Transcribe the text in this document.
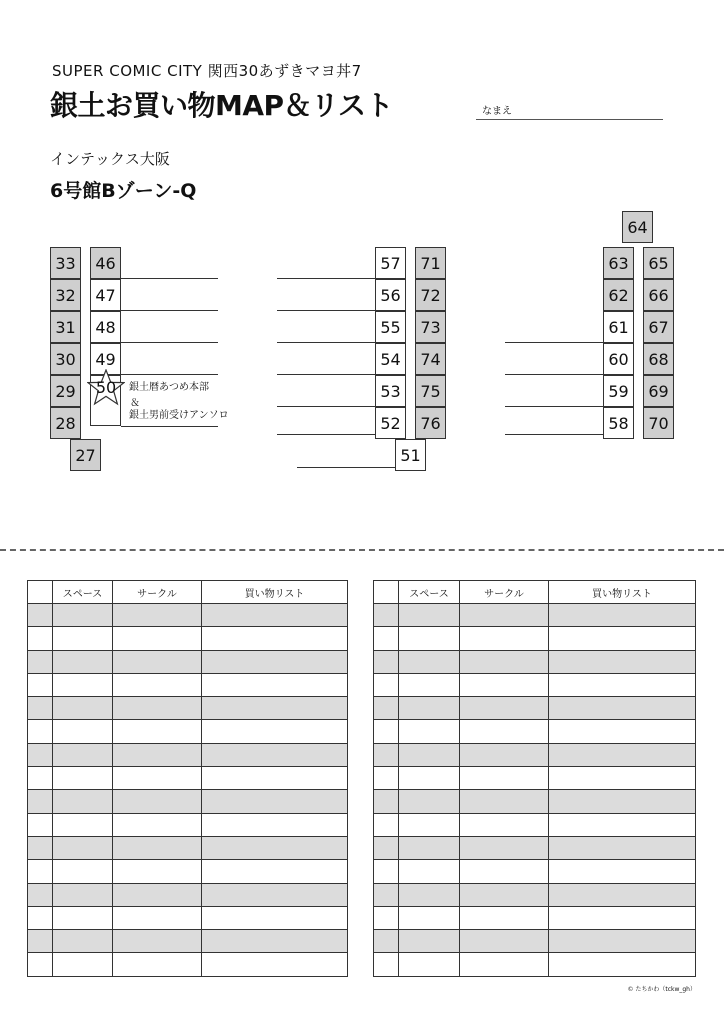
SUPER COMIC CITY 関西30あずきマヨ丼7
銀土お買い物MAP＆リスト	なまえ
インテックス大阪
6号館Bゾーン-Q
33
32
31
30
29
28
27
46
47
48
49
50	銀土暦あつめ本部
＆
銀土男前受けアンソロ
57
56
55
54
53
52
51
71
72
73
74
75
76
64
63
62
61
60
59
58
65
66
67
68
69
70
	スペース	サークル	買い物リスト

		スペース	サークル	買い物リスト

© たちかわ（tckw_gh）
